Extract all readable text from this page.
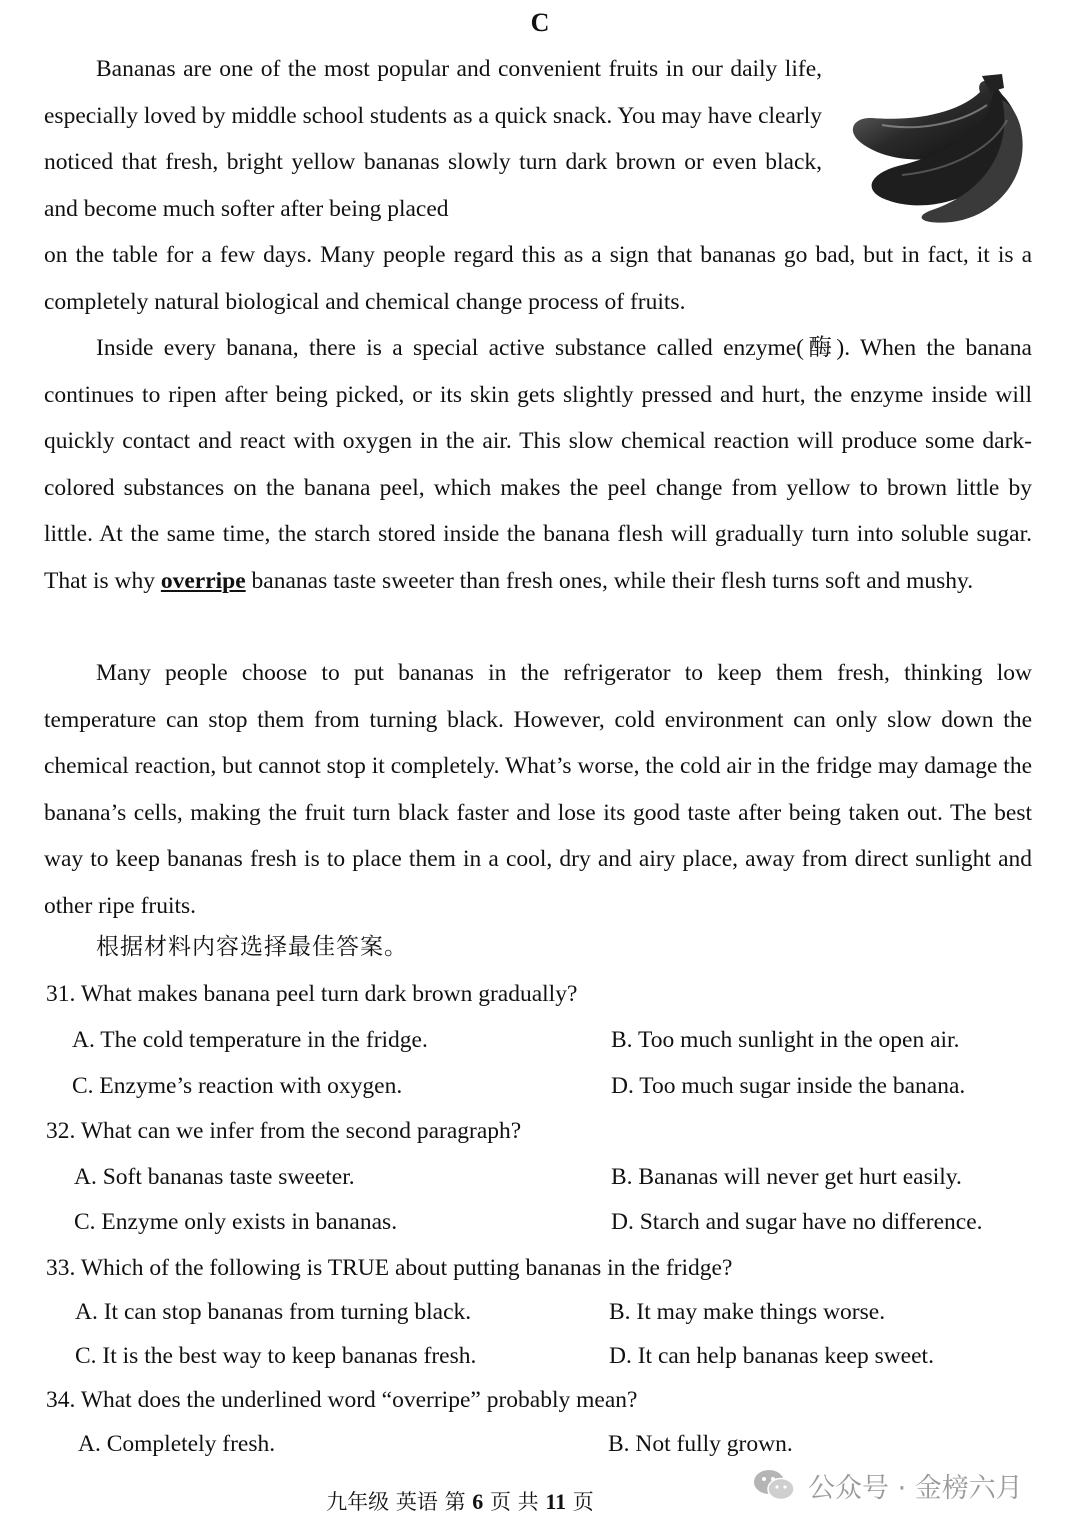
C

Bananas are one of the most popular and convenient fruits in our daily life, especially loved by middle school students as a quick snack. You may have clearly noticed that fresh, bright yellow bananas slowly turn dark brown or even black, and become much softer after being placed

on the table for a few days. Many people regard this as a sign that bananas go bad, but in fact, it is a completely natural biological and chemical change process of fruits.

Inside every banana, there is a special active substance called enzyme(酶). When the banana continues to ripen after being picked, or its skin gets slightly pressed and hurt, the enzyme inside will quickly contact and react with oxygen in the air. This slow chemical reaction will produce some dark-colored substances on the banana peel, which makes the peel change from yellow to brown little by little. At the same time, the starch stored inside the banana flesh will gradually turn into soluble sugar. That is why overripe bananas taste sweeter than fresh ones, while their flesh turns soft and mushy.

Many people choose to put bananas in the refrigerator to keep them fresh, thinking low temperature can stop them from turning black. However, cold environment can only slow down the chemical reaction, but cannot stop it completely. What’s worse, the cold air in the fridge may damage the banana’s cells, making the fruit turn black faster and lose its good taste after being taken out. The best way to keep bananas fresh is to place them in a cool, dry and airy place, away from direct sunlight and other ripe fruits.

根据材料内容选择最佳答案。
31. What makes banana peel turn dark brown gradually?
A. The cold temperature in the fridge.	B. Too much sunlight in the open air.
C. Enzyme’s reaction with oxygen.	D. Too much sugar inside the banana.
32. What can we infer from the second paragraph?
A. Soft bananas taste sweeter.	B. Bananas will never get hurt easily.
C. Enzyme only exists in bananas.	D. Starch and sugar have no difference.
33. Which of the following is TRUE about putting bananas in the fridge?
A. It can stop bananas from turning black.	B. It may make things worse.
C. It is the best way to keep bananas fresh.	D. It can help bananas keep sweet.
34. What does the underlined word “overripe” probably mean?
A. Completely fresh.	B. Not fully grown.
九年级 英语 第 6 页 共 11 页	公众号 · 金榜六月
